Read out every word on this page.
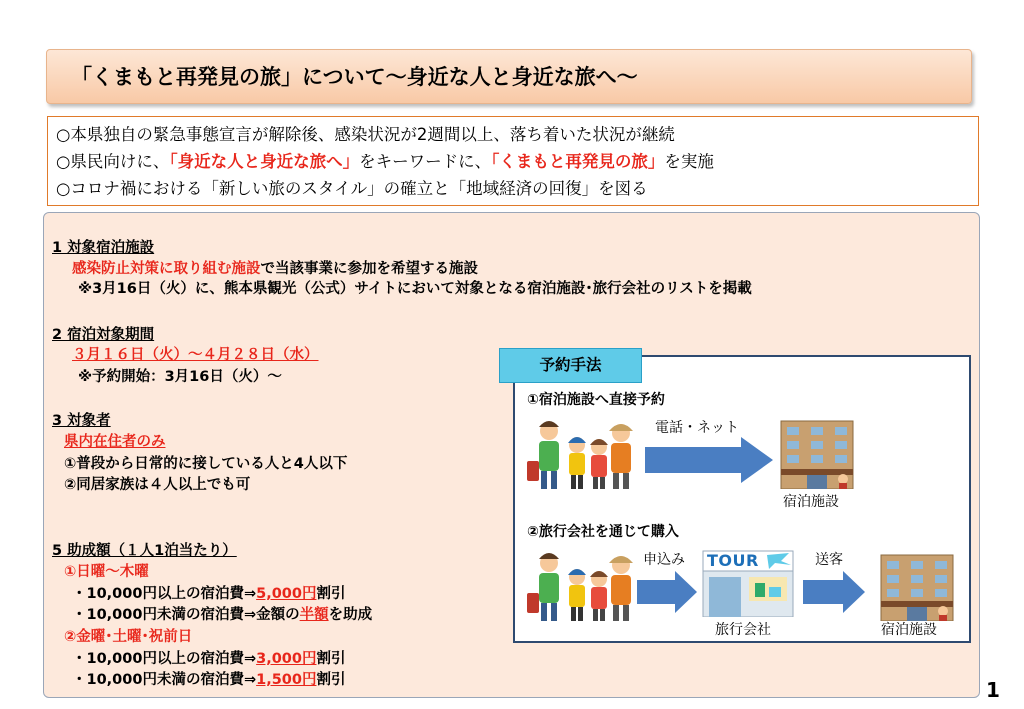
「くまもと再発見の旅」について～身近な人と身近な旅へ～
○本県独自の緊急事態宣言が解除後、感染状況が2週間以上、落ち着いた状況が継続
○県民向けに、「身近な人と身近な旅へ」をキーワードに、「くまもと再発見の旅」を実施
○コロナ禍における「新しい旅のスタイル」の確立と「地域経済の回復」を図る
1 対象宿泊施設
感染防止対策に取り組む施設で当該事業に参加を希望する施設
※3月16日（火）に、熊本県観光（公式）サイトにおいて対象となる宿泊施設･旅行会社のリストを掲載
2 宿泊対象期間
３月１６日（火）～４月２８日（水）
※予約開始：3月16日（火）～
3 対象者
県内在住者のみ
①普段から日常的に接している人と4人以下
②同居家族は４人以上でも可
5 助成額（１人1泊当たり）
①日曜～木曜
・10,000円以上の宿泊費⇒5,000円割引
・10,000円未満の宿泊費⇒金額の半額を助成
②金曜･土曜･祝前日
・10,000円以上の宿泊費⇒3,000円割引
・10,000円未満の宿泊費⇒1,500円割引
①宿泊施設へ直接予約
電話・ネット
宿泊施設
②旅行会社を通じて購入
申込み TOUR
旅行会社
送客
宿泊施設
予約手法
1
